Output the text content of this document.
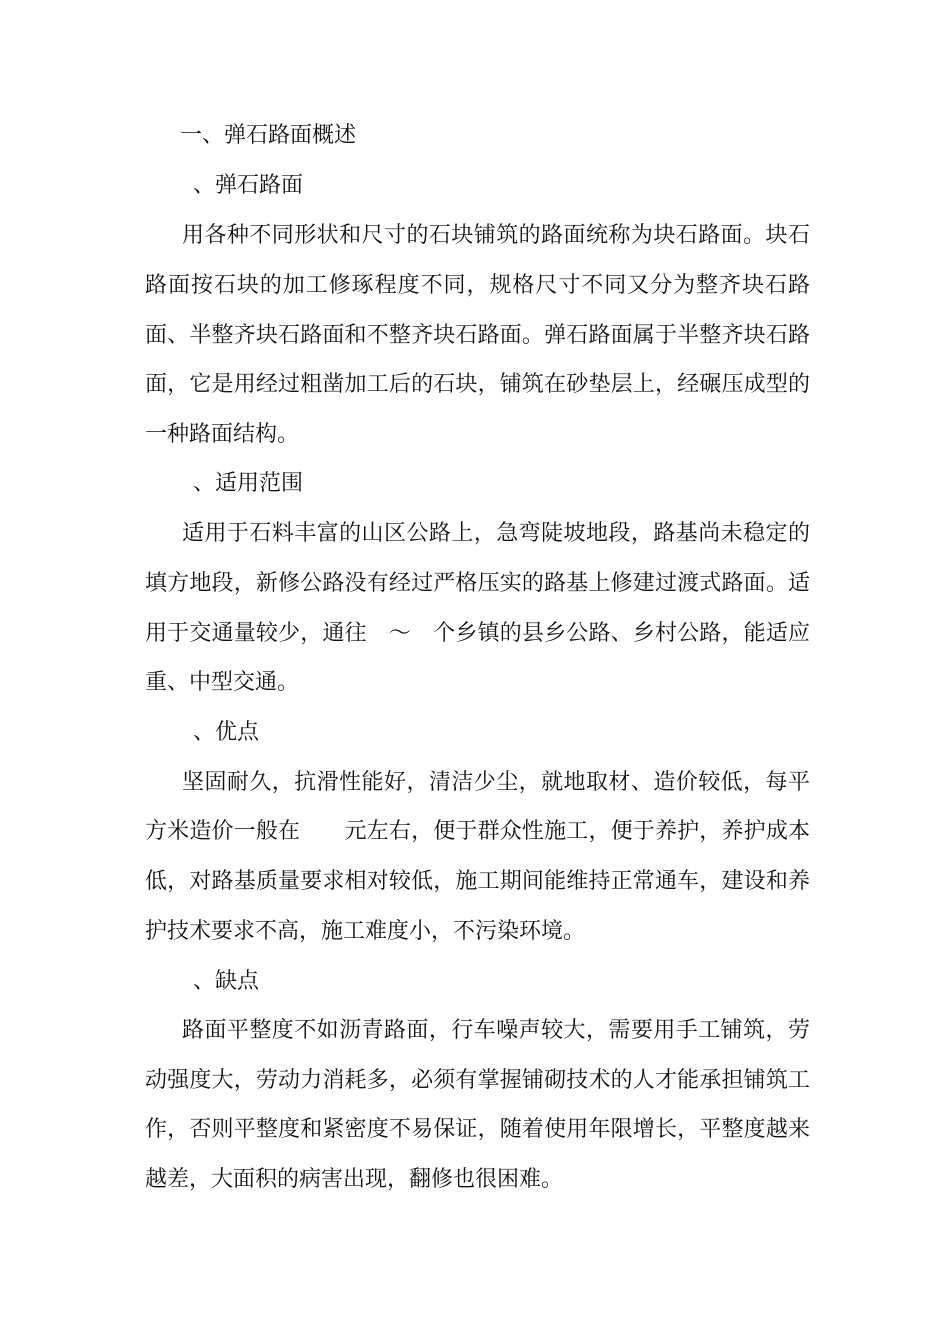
一、弹石路面概述

、弹石路面

用各种不同形状和尺寸的石块铺筑的路面统称为块石路面。块石

路面按石块的加工修琢程度不同，规格尺寸不同又分为整齐块石路

面、半整齐块石路面和不整齐块石路面。弹石路面属于半整齐块石路

面，它是用经过粗凿加工后的石块，铺筑在砂垫层上，经碾压成型的

一种路面结构。

、适用范围

适用于石料丰富的山区公路上，急弯陡坡地段，路基尚未稳定的

填方地段，新修公路没有经过严格压实的路基上修建过渡式路面。适

用于交通量较少，通往　～　个乡镇的县乡公路、乡村公路，能适应

重、中型交通。

、优点

坚固耐久，抗滑性能好，清洁少尘，就地取材、造价较低，每平

方米造价一般在　　元左右，便于群众性施工，便于养护，养护成本

低，对路基质量要求相对较低，施工期间能维持正常通车，建设和养

护技术要求不高，施工难度小，不污染环境。

、缺点

路面平整度不如沥青路面，行车噪声较大，需要用手工铺筑，劳

动强度大，劳动力消耗多，必须有掌握铺砌技术的人才能承担铺筑工

作，否则平整度和紧密度不易保证，随着使用年限增长，平整度越来

越差，大面积的病害出现，翻修也很困难。
